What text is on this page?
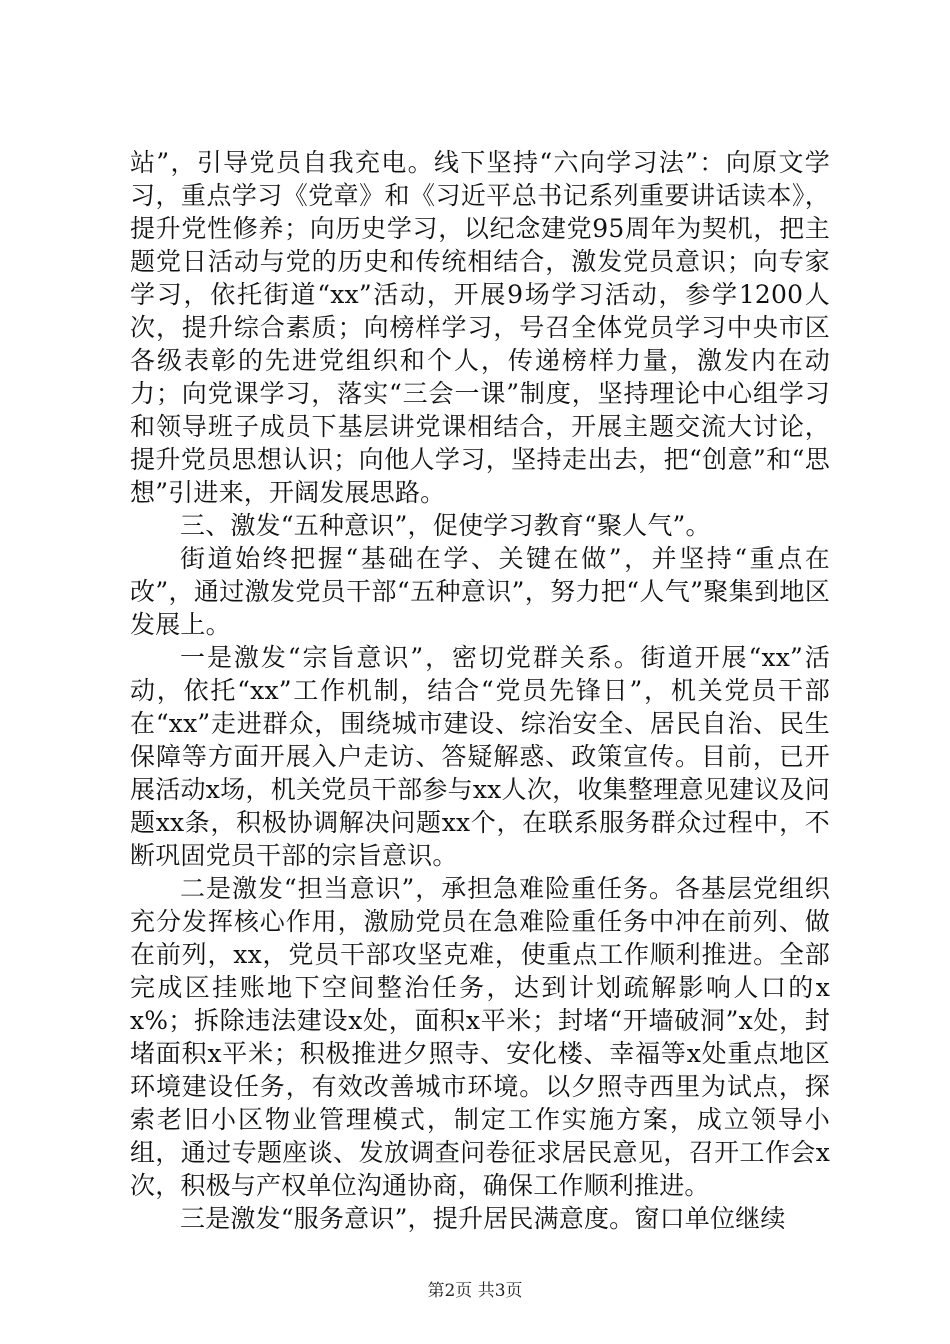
站”，引导党员自我充电。线下坚持“六向学习法”：向原文学习，重点学习《党章》和《习近平总书记系列重要讲话读本》，提升党性修养；向历史学习，以纪念建党95周年为契机，把主题党日活动与党的历史和传统相结合，激发党员意识；向专家学习，依托街道“xx”活动，开展9场学习活动，参学1200人次，提升综合素质；向榜样学习，号召全体党员学习中央市区各级表彰的先进党组织和个人，传递榜样力量，激发内在动力；向党课学习，落实“三会一课”制度，坚持理论中心组学习和领导班子成员下基层讲党课相结合，开展主题交流大讨论，提升党员思想认识；向他人学习，坚持走出去，把“创意”和“思想”引进来，开阔发展思路。

三、激发“五种意识”，促使学习教育“聚人气”。

街道始终把握“基础在学、关键在做”，并坚持“重点在改”，通过激发党员干部“五种意识”，努力把“人气”聚集到地区发展上。

一是激发“宗旨意识”，密切党群关系。街道开展“xx”活动，依托“xx”工作机制，结合“党员先锋日”，机关党员干部在“xx”走进群众，围绕城市建设、综治安全、居民自治、民生保障等方面开展入户走访、答疑解惑、政策宣传。目前，已开展活动x场，机关党员干部参与xx人次，收集整理意见建议及问题xx条，积极协调解决问题xx个，在联系服务群众过程中，不断巩固党员干部的宗旨意识。

二是激发“担当意识”，承担急难险重任务。各基层党组织充分发挥核心作用，激励党员在急难险重任务中冲在前列、做在前列，xx，党员干部攻坚克难，使重点工作顺利推进。全部完成区挂账地下空间整治任务，达到计划疏解影响人口的xx%；拆除违法建设x处，面积x平米；封堵“开墙破洞”x处，封堵面积x平米；积极推进夕照寺、安化楼、幸福等x处重点地区环境建设任务，有效改善城市环境。以夕照寺西里为试点，探索老旧小区物业管理模式，制定工作实施方案，成立领导小组，通过专题座谈、发放调查问卷征求居民意见，召开工作会x次，积极与产权单位沟通协商，确保工作顺利推进。

三是激发“服务意识”，提升居民满意度。窗口单位继续

第2页 共3页
